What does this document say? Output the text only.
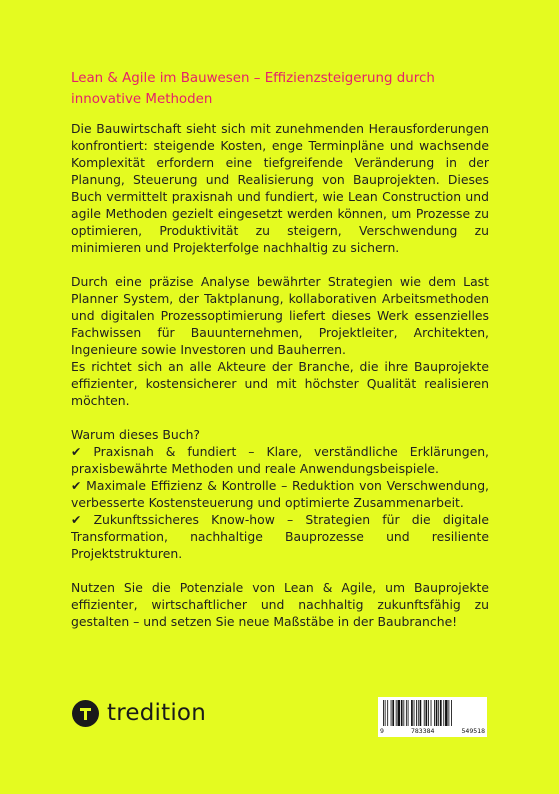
Lean & Agile im Bauwesen – Effizienzsteigerung durch innovative Methoden

Die Bauwirtschaft sieht sich mit zunehmenden Herausforderungen konfrontiert: steigende Kosten, enge Terminpläne und wachsende Komplexität erfordern eine tiefgreifende Veränderung in der Planung, Steuerung und Realisierung von Bauprojekten. Dieses Buch vermittelt praxisnah und fundiert, wie Lean Construction und agile Methoden gezielt eingesetzt werden können, um Prozesse zu optimieren, Produktivität zu steigern, Verschwendung zu minimieren und Projekterfolge nachhaltig zu sichern.

Durch eine präzise Analyse bewährter Strategien wie dem Last Planner System, der Taktplanung, kollaborativen Arbeitsmethoden und digitalen Prozessoptimierung liefert dieses Werk essenzielles Fachwissen für Bauunternehmen, Projektleiter, Architekten, Ingenieure sowie Investoren und Bauherren.

Es richtet sich an alle Akteure der Branche, die ihre Bauprojekte effizienter, kostensicherer und mit höchster Qualität realisieren möchten.

Warum dieses Buch?

✔ Praxisnah & fundiert – Klare, verständliche Erklärungen, praxisbewährte Methoden und reale Anwendungsbeispiele.

✔ Maximale Effizienz & Kontrolle – Reduktion von Verschwendung, verbesserte Kostensteuerung und optimierte Zusammenarbeit.

✔ Zukunftssicheres Know-how – Strategien für die digitale Transformation, nachhaltige Bauprozesse und resiliente Projektstrukturen.

Nutzen Sie die Potenziale von Lean & Agile, um Bauprojekte effizienter, wirtschaftlicher und nachhaltig zukunftsfähig zu gestalten – und setzen Sie neue Maßstäbe in der Baubranche!

tredition
9	783384	549518
